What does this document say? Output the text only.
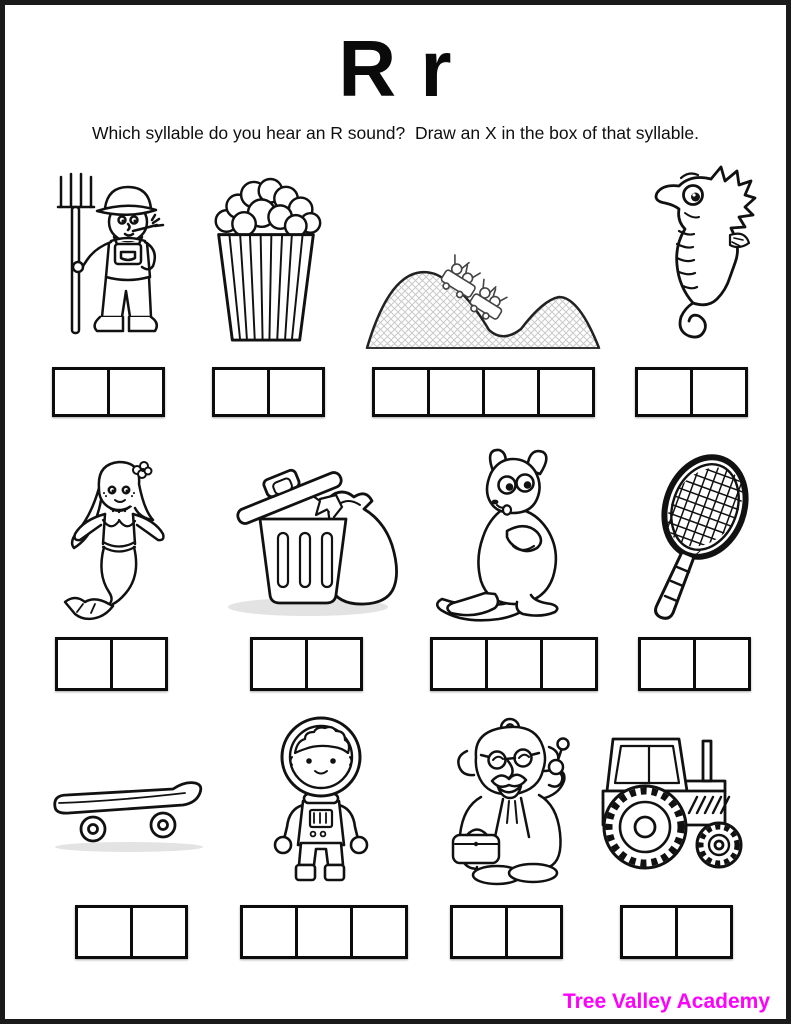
R r
Which syllable do you hear an R sound?  Draw an X in the box of that syllable.
Tree Valley Academy
